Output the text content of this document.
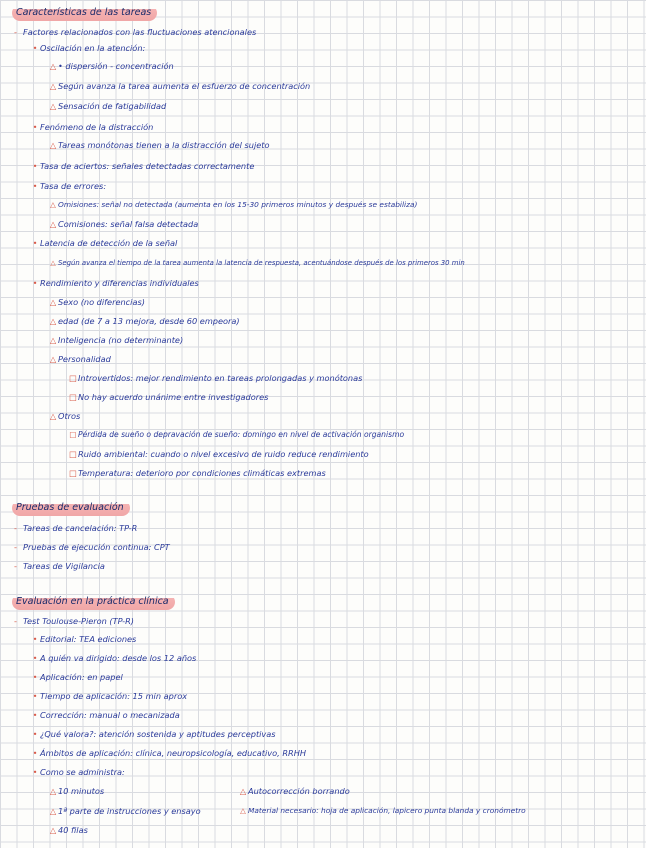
Características de las tareas
- Factores relacionados con las fluctuaciones atencionales
• Oscilación en la atención:
△ • dispersión - concentración
△ Según avanza la tarea aumenta el esfuerzo de concentración
△ Sensación de fatigabilidad
• Fenómeno de la distracción
△ Tareas monótonas tienen a la distracción del sujeto
• Tasa de aciertos: señales detectadas correctamente
• Tasa de errores:
△ Omisiones: señal no detectada (aumenta en los 15-30 primeros minutos y después se estabiliza)
△ Comisiones: señal falsa detectada
• Latencia de detección de la señal
△ Según avanza el tiempo de la tarea aumenta la latencia de respuesta, acentuándose después de los primeros 30 min
• Rendimiento y diferencias individuales
△ Sexo (no diferencias)
△ edad (de 7 a 13 mejora, desde 60 empeora)
△ Inteligencia (no determinante)
△ Personalidad
□Introvertidos: mejor rendimiento en tareas prolongadas y monótonas
□No hay acuerdo unánime entre investigadores
△ Otros
□Pérdida de sueño o depravación de sueño: domingo en nivel de activación organismo
□Ruido ambiental: cuando o nivel excesivo de ruido reduce rendimiento
□Temperatura: deterioro por condiciones climáticas extremas
Pruebas de evaluación
- Tareas de cancelación: TP-R
- Pruebas de ejecución continua: CPT
- Tareas de Vigilancia
Evaluación en la práctica clínica
- Test Toulouse-Pieron (TP-R)
• Editorial: TEA ediciones
• A quién va dirigido: desde los 12 años
• Aplicación: en papel
• Tiempo de aplicación: 15 min aprox
• Corrección: manual o mecanizada
• ¿Qué valora?: atención sostenida y aptitudes perceptivas
• Ámbitos de aplicación: clínica, neuropsicología, educativo, RRHH
• Como se administra:
△ 10 minutos
△ 1ª parte de instrucciones y ensayo
△ 40 filas
△ Autocorrección borrando
△ Material necesario: hoja de aplicación, lapicero punta blanda y cronómetro
